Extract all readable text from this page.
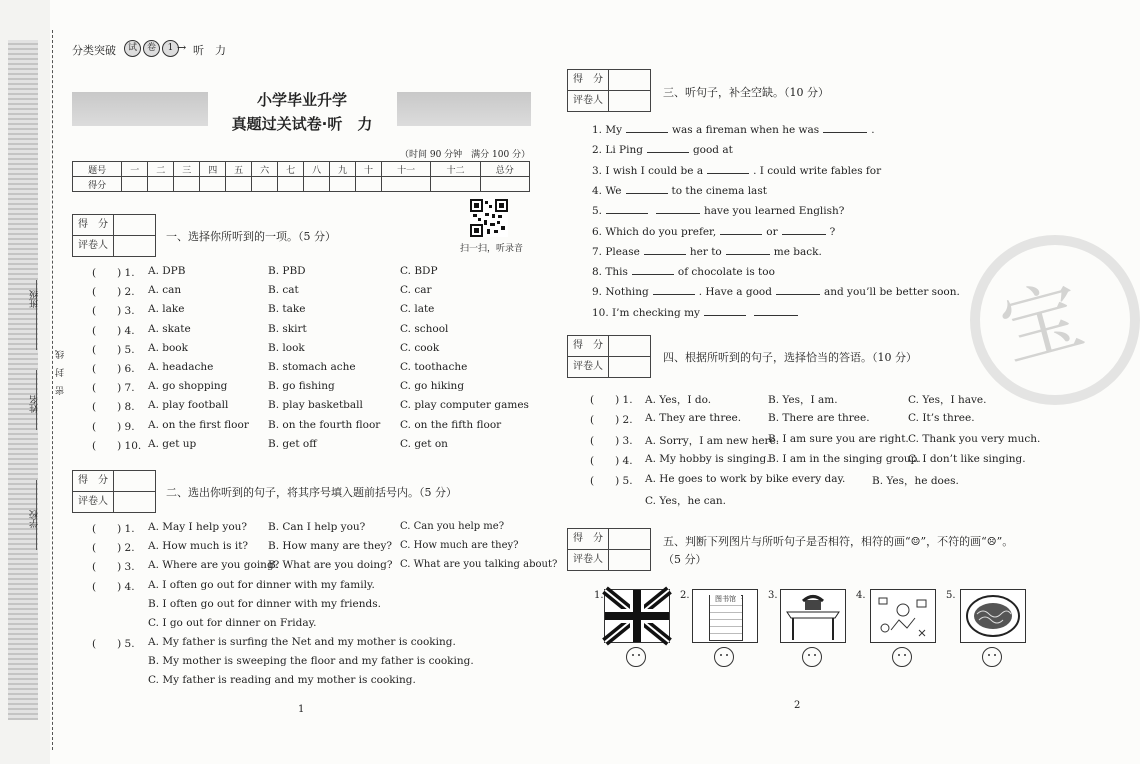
班级
姓名
学校
密　封　线
分类突破	试	卷	1 → 听　力
小学毕业升学
真题过关试卷·听　力
（时间 90 分钟　满分 100 分）
题号	一	二	三	四	五	六	七	八	九	十	十一	十二	总分
得分													
扫一扫，听录音
得　分
评卷人
一、选择你所听到的一项。（5 分）
(　　) 1. A. DPB	B. PBD	C. BDP
(　　) 2. A. can	B. cat	C. car
(　　) 3. A. lake	B. take	C. late
(　　) 4. A. skate	B. skirt	C. school
(　　) 5. A. book	B. look	C. cook
(　　) 6. A. headache	B. stomach ache	C. toothache
(　　) 7. A. go shopping	B. go fishing	C. go hiking
(　　) 8. A. play football	B. play basketball	C. play computer games
(　　) 9. A. on the first floor B. on the fourth floor C. on the fifth floor
(　　) 10. A. get up	B. get off	C. get on
得　分
评卷人
二、选出你听到的句子，将其序号填入题前括号内。（5 分）
(　　) 1. A. May I help you? B. Can I help you?	C. Can you help me?
(　　) 2. A. How much is it? B. How many are they? C. How much are they?
(　　) 3. A. Where are you going?
B. What are you doing? C. What are you talking about?
(　　) 4. A. I often go out for dinner with my family.
B. I often go out for dinner with my friends.
C. I go out for dinner on Friday.
(　　) 5. A. My father is surfing the Net and my mother is cooking.
B. My mother is sweeping the floor and my father is cooking.
C. My father is reading and my mother is cooking.
1
宝
得　分
评卷人
三、听句子，补全空缺。（10 分）
1. My	was a fireman when he was	.
2. Li Ping	good at
3. I wish I could be a	. I could write fables for
4. We	to the cinema last
5.	have you learned English?
6. Which do you prefer,	or	?
7. Please	her to	me back.
8. This	of chocolate is too
9. Nothing	. Have a good	and you’ll be better soon.
10. I’m checking my
得　分
评卷人
四、根据所听到的句子，选择恰当的答语。（10 分）
(　　) 1. A. Yes，I do.	B. Yes，I am.	C. Yes，I have.
(　　) 2. A. They are three.	B. There are three.	C. It’s three.
(　　) 3. A. Sorry，I am new here.
B. I am sure you are right. C. Thank you very much.
(　　) 4. A. My hobby is singing.
B. I am in the singing group.
C. I don’t like singing.
(　　) 5. A. He goes to work by bike every day.	B. Yes，he does.
C. Yes，he can.
得　分
评卷人
五、判断下列图片与所听句子是否相符，相符的画“☺”，不符的画“☹”。
（5 分）
1.	2.	3.	4.	5.
图书馆
2
